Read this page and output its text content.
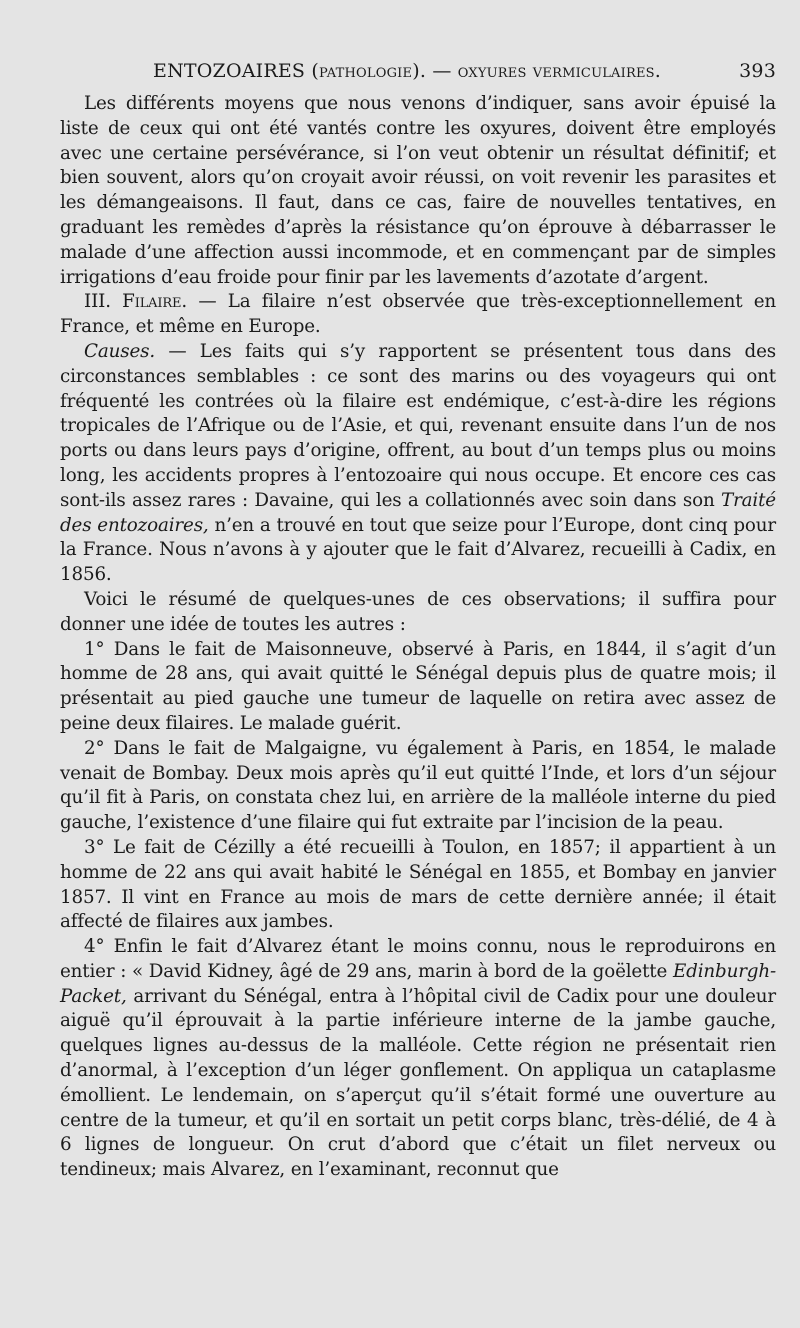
ENTOZOAIRES (pathologie). — oxyures vermiculaires.	393

Les différents moyens que nous venons d’indiquer, sans avoir épuisé la liste de ceux qui ont été vantés contre les oxyures, doivent être employés avec une certaine persévérance, si l’on veut obtenir un résultat définitif; et bien souvent, alors qu’on croyait avoir réussi, on voit revenir les parasites et les démangeaisons. Il faut, dans ce cas, faire de nouvelles tentatives, en graduant les remèdes d’après la résistance qu’on éprouve à débarrasser le malade d’une affection aussi incommode, et en commençant par de simples irrigations d’eau froide pour finir par les lavements d’azotate d’argent.

III. Filaire. — La filaire n’est observée que très-exceptionnellement en France, et même en Europe.

Causes. — Les faits qui s’y rapportent se présentent tous dans des circonstances semblables : ce sont des marins ou des voyageurs qui ont fréquenté les contrées où la filaire est endémique, c’est-à-dire les régions tropicales de l’Afrique ou de l’Asie, et qui, revenant ensuite dans l’un de nos ports ou dans leurs pays d’origine, offrent, au bout d’un temps plus ou moins long, les accidents propres à l’entozoaire qui nous occupe. Et encore ces cas sont-ils assez rares : Davaine, qui les a collationnés avec soin dans son Traité des entozoaires, n’en a trouvé en tout que seize pour l’Europe, dont cinq pour la France. Nous n’avons à y ajouter que le fait d’Alvarez, recueilli à Cadix, en 1856.

Voici le résumé de quelques-unes de ces observations; il suffira pour donner une idée de toutes les autres :

1° Dans le fait de Maisonneuve, observé à Paris, en 1844, il s’agit d’un homme de 28 ans, qui avait quitté le Sénégal depuis plus de quatre mois; il présentait au pied gauche une tumeur de laquelle on retira avec assez de peine deux filaires. Le malade guérit.

2° Dans le fait de Malgaigne, vu également à Paris, en 1854, le malade venait de Bombay. Deux mois après qu’il eut quitté l’Inde, et lors d’un séjour qu’il fit à Paris, on constata chez lui, en arrière de la malléole interne du pied gauche, l’existence d’une filaire qui fut extraite par l’incision de la peau.

3° Le fait de Cézilly a été recueilli à Toulon, en 1857; il appartient à un homme de 22 ans qui avait habité le Sénégal en 1855, et Bombay en janvier 1857. Il vint en France au mois de mars de cette dernière année; il était affecté de filaires aux jambes.

4° Enfin le fait d’Alvarez étant le moins connu, nous le reproduirons en entier : « David Kidney, âgé de 29 ans, marin à bord de la goëlette Edinburgh-Packet, arrivant du Sénégal, entra à l’hôpital civil de Cadix pour une douleur aiguë qu’il éprouvait à la partie inférieure interne de la jambe gauche, quelques lignes au-dessus de la malléole. Cette région ne présentait rien d’anormal, à l’exception d’un léger gonflement. On appliqua un cataplasme émollient. Le lendemain, on s’aperçut qu’il s’était formé une ouverture au centre de la tumeur, et qu’il en sortait un petit corps blanc, très-délié, de 4 à 6 lignes de longueur. On crut d’abord que c’était un filet nerveux ou tendineux; mais Alvarez, en l’examinant, reconnut que
